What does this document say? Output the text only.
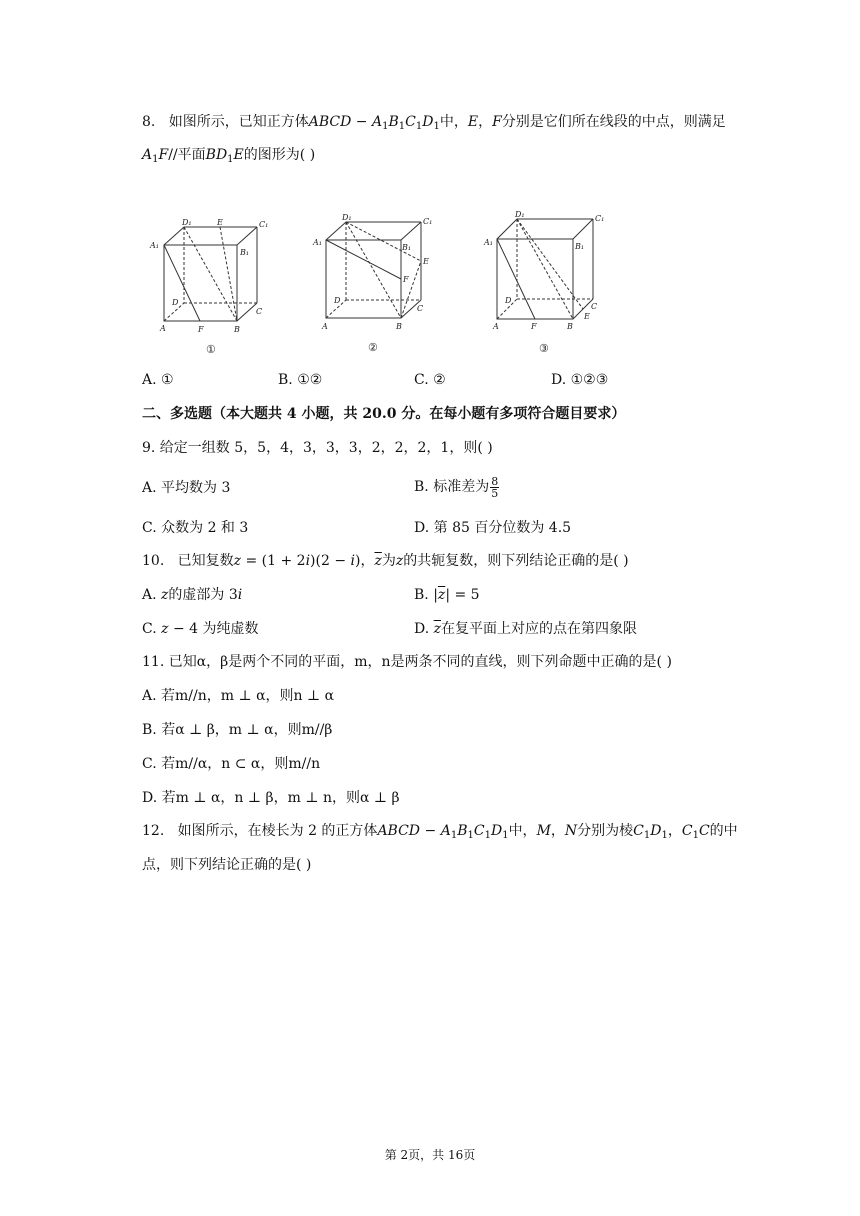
8. 如图所示，已知正方体ABCD − $A_1B_1C_1D_1$中，E，F分别是它们所在线段的中点，则满足
$A_1F//$平面$BD_1E$的图形为( )
D₁	E	C₁
A₁
B₁
D
C
A	F	B
①
D₁	C₁
A₁
B₁
E
F
D
C
A	B
②
D₁	C₁
A₁	B₁
D
C
E
A	F	B
③
A. ①	B. ①②	C. ②	D. ①②③
二、多选题（本大题共 4 小题，共 20.0 分。在每小题有多项符合题目要求）
9. 给定一组数 5，5，4，3，3，3，2，2，2，1，则( )
A. 平均数为 3	B. 标准差为 $\frac{8}{5}$
C. 众数为 2 和 3	D. 第 85 百分位数为 4.5
10. 已知复数z = (1 + 2i)(2 − i)，$\overline{z}$为z的共轭复数，则下列结论正确的是( )
A. z的虚部为 3i	B. $|\overline{z}| = 5$
C. z − 4 为纯虚数	D. $\overline{z}$在复平面上对应的点在第四象限
11. 已知α，β是两个不同的平面，m，n是两条不同的直线，则下列命题中正确的是( )
A. 若m//n，m ⊥ α，则n ⊥ α
B. 若α ⊥ β，m ⊥ α，则m//β
C. 若m//α，n ⊂ α，则m//n
D. 若m ⊥ α，n ⊥ β，m ⊥ n，则α ⊥ β
12. 如图所示，在棱长为 2 的正方体ABCD − $A_1B_1C_1D_1$中，M，N分别为棱$C_1D_1$，$C_1C$的中
点，则下列结论正确的是( )
第 2页，共 16页
